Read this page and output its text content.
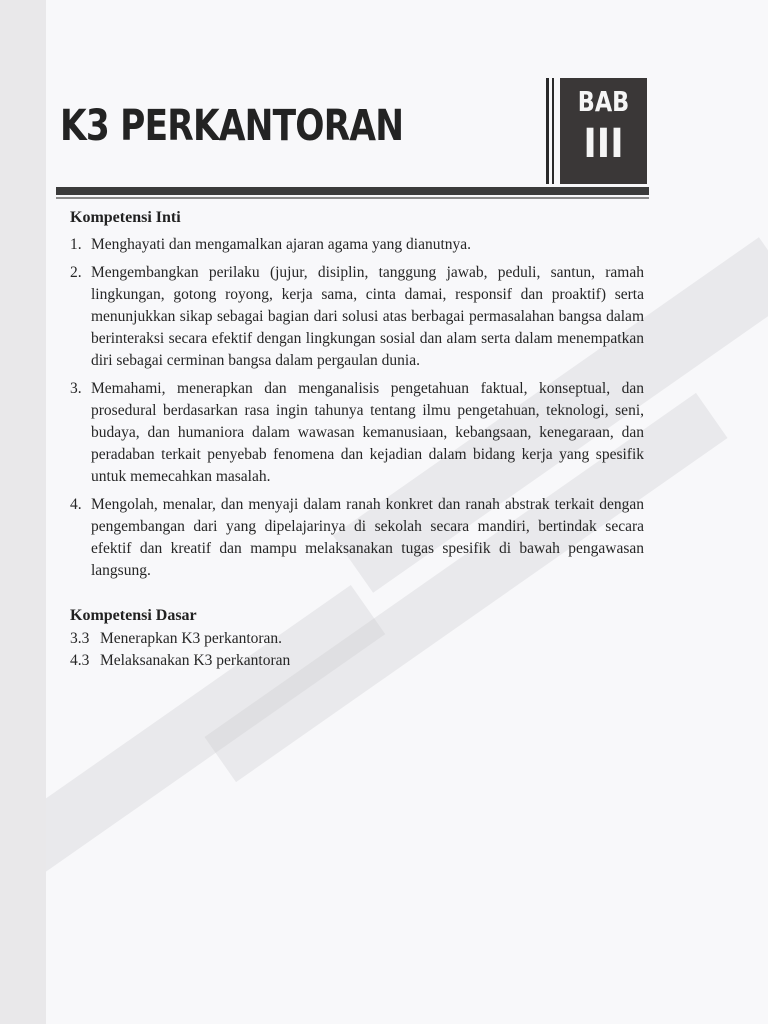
K3 PERKANTORAN	BAB
III
Kompetensi Inti
1. Menghayati dan mengamalkan ajaran agama yang dianutnya.
2. Mengembangkan perilaku (jujur, disiplin, tanggung jawab, peduli, santun, ramah lingkungan, gotong royong, kerja sama, cinta damai, responsif dan proaktif) serta menunjukkan sikap sebagai bagian dari solusi atas berbagai permasalahan bangsa dalam berinteraksi secara efektif dengan lingkungan sosial dan alam serta dalam menempatkan diri sebagai cerminan bangsa dalam pergaulan dunia.
3. Memahami, menerapkan dan menganalisis pengetahuan faktual, konseptual, dan prosedural berdasarkan rasa ingin tahunya tentang ilmu pengetahuan, teknologi, seni, budaya, dan humaniora dalam wawasan kemanusiaan, kebangsaan, kenegaraan, dan peradaban terkait penyebab fenomena dan kejadian dalam bidang kerja yang spesifik untuk memecahkan masalah.
4. Mengolah, menalar, dan menyaji dalam ranah konkret dan ranah abstrak terkait dengan pengembangan dari yang dipelajarinya di sekolah secara mandiri, bertindak secara efektif dan kreatif dan mampu melaksanakan tugas spesifik di bawah pengawasan langsung.
Kompetensi Dasar
3.3 Menerapkan K3 perkantoran.
4.3 Melaksanakan K3 perkantoran
